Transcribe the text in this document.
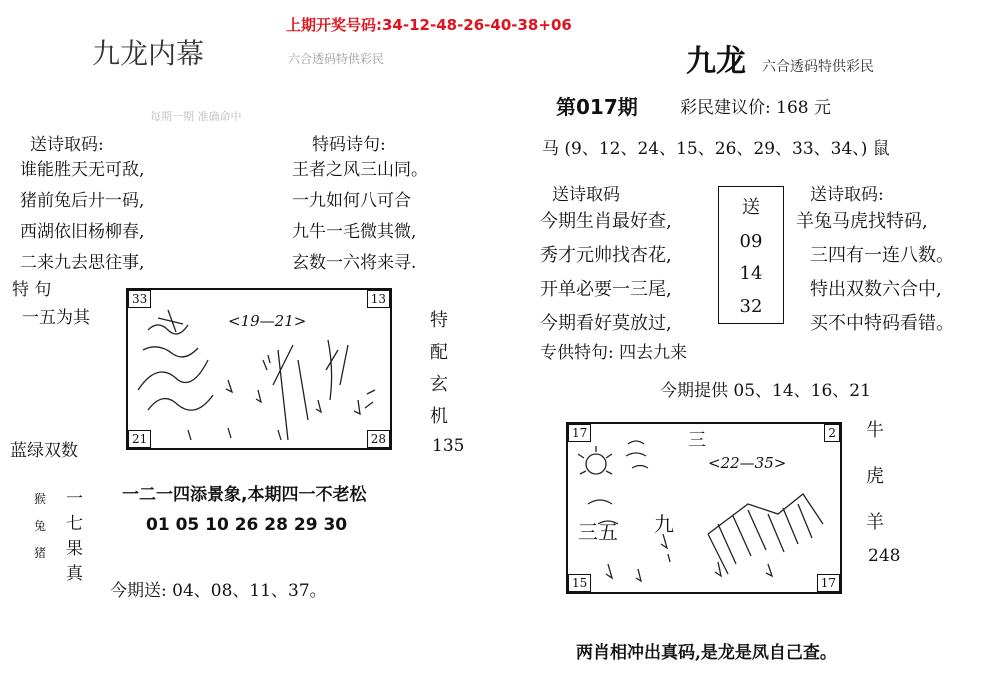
上期开奖号码:34-12-48-26-40-38+06
九龙内幕	六合透码特供彩民
每期一期 准确命中
送诗取码:
谁能胜天无可敌,
猪前兔后廾一码,
西湖依旧杨柳春,
二来九去思往事,
特码诗句:
王者之风三山同。
一九如何八可合
九牛一毛微其微,
玄数一六将来寻.
特 句
一五为其
33	13
21	28
<19—21>	特
配
玄
机
135
蓝绿双数
一二一四添景象,本期四一不老松
01 05 10 26 28 29 30
猴
兔
猪
一
七
果
真
今期送: 04、08、11、37。
九龙 六合透码特供彩民
第017期 彩民建议价: 168 元
马 (9、12、24、15、26、29、33、34、) 鼠
送诗取码	送诗取码:
今期生肖最好查,
秀才元帅找杏花,
开单必要一三尾,
今期看好莫放过,
送
09
14
32
羊兔马虎找特码,
三四有一连八数。
特出双数六合中,
买不中特码看错。
专供特句: 四去九来
今期提供 05、14、16、21
17	2
15	17
三
<22—35>
三五 九
牛
虎
羊
248
两肖相冲出真码,是龙是凤自己查。
